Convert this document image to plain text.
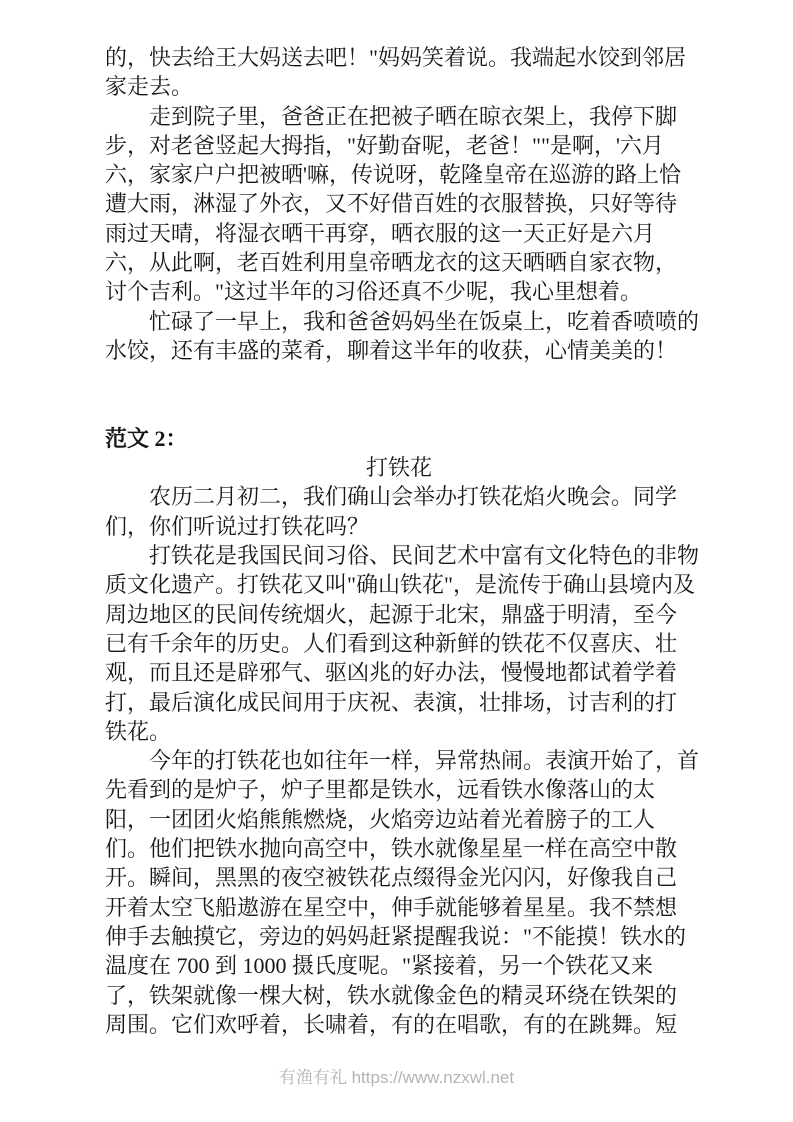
的，快去给王大妈送去吧！"妈妈笑着说。我端起水饺到邻居
家走去。
走到院子里，爸爸正在把被子晒在晾衣架上，我停下脚
步，对老爸竖起大拇指，"好勤奋呢，老爸！""是啊，'六月
六，家家户户把被晒'嘛，传说呀，乾隆皇帝在巡游的路上恰
遭大雨，淋湿了外衣，又不好借百姓的衣服替换，只好等待
雨过天晴，将湿衣晒干再穿，晒衣服的这一天正好是六月
六，从此啊，老百姓利用皇帝晒龙衣的这天晒晒自家衣物，
讨个吉利。"这过半年的习俗还真不少呢，我心里想着。
忙碌了一早上，我和爸爸妈妈坐在饭桌上，吃着香喷喷的
水饺，还有丰盛的菜肴，聊着这半年的收获，心情美美的！
范文 2：
打铁花
农历二月初二，我们确山会举办打铁花焰火晚会。同学
们，你们听说过打铁花吗？
打铁花是我国民间习俗、民间艺术中富有文化特色的非物
质文化遗产。打铁花又叫"确山铁花"，是流传于确山县境内及
周边地区的民间传统烟火，起源于北宋，鼎盛于明清，至今
已有千余年的历史。人们看到这种新鲜的铁花不仅喜庆、壮
观，而且还是辟邪气、驱凶兆的好办法，慢慢地都试着学着
打，最后演化成民间用于庆祝、表演，壮排场，讨吉利的打
铁花。
今年的打铁花也如往年一样，异常热闹。表演开始了，首
先看到的是炉子，炉子里都是铁水，远看铁水像落山的太
阳，一团团火焰熊熊燃烧，火焰旁边站着光着膀子的工人
们。他们把铁水抛向高空中，铁水就像星星一样在高空中散
开。瞬间，黑黑的夜空被铁花点缀得金光闪闪，好像我自己
开着太空飞船遨游在星空中，伸手就能够着星星。我不禁想
伸手去触摸它，旁边的妈妈赶紧提醒我说："不能摸！铁水的
温度在 700 到 1000 摄氏度呢。"紧接着，另一个铁花又来
了，铁架就像一棵大树，铁水就像金色的精灵环绕在铁架的
周围。它们欢呼着，长啸着，有的在唱歌，有的在跳舞。短
有渔有礼 https://www.nzxwl.net
